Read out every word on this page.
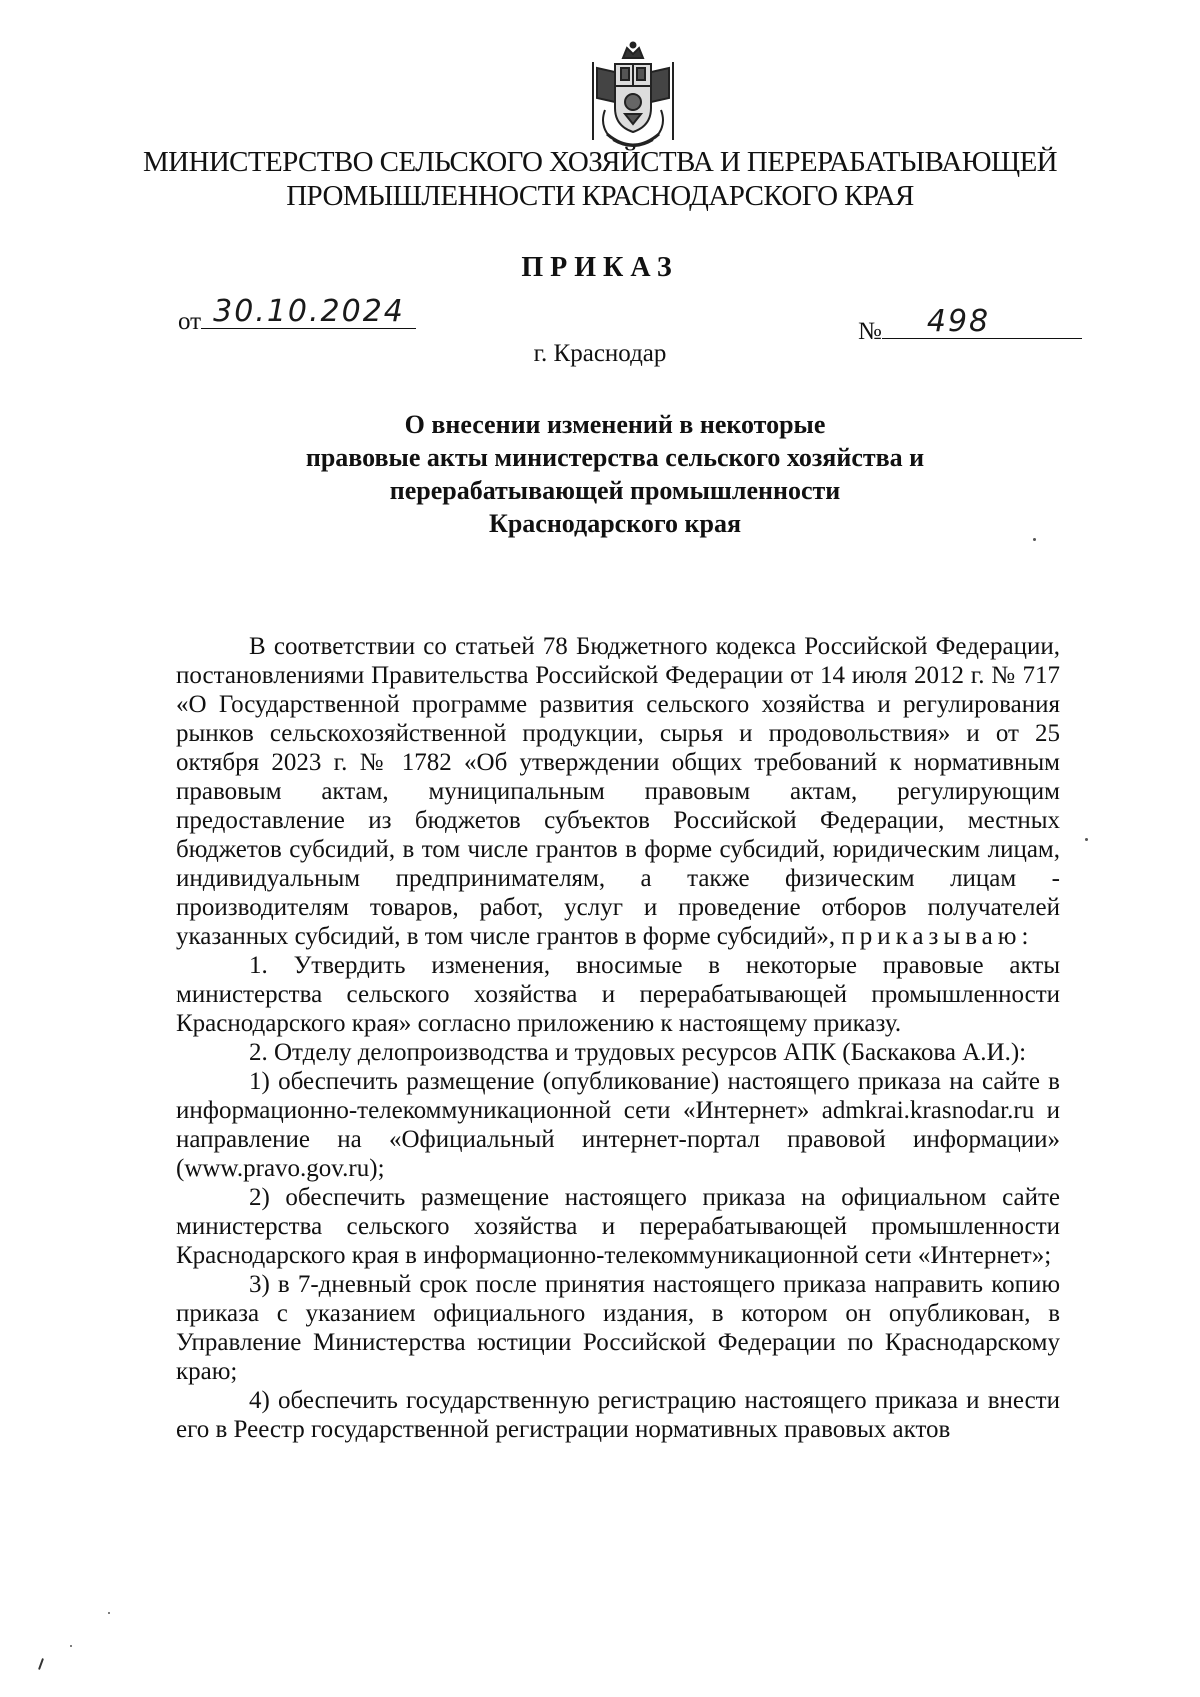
МИНИСТЕРСТВО СЕЛЬСКОГО ХОЗЯЙСТВА И ПЕРЕРАБАТЫВАЮЩЕЙ
ПРОМЫШЛЕННОСТИ КРАСНОДАРСКОГО КРАЯ
ПРИКАЗ
от 30.10.2024
№ 498
г. Краснодар
О внесении изменений в некоторые
правовые акты министерства сельского хозяйства и
перерабатывающей промышленности
Краснодарского края

В соответствии со статьей 78 Бюджетного кодекса Российской Федерации, постановлениями Правительства Российской Федерации от 14 июля 2012 г. № 717 «О Государственной программе развития сельского хозяйства и регулирования рынков сельскохозяйственной продукции, сырья и продовольствия» и от 25 октября 2023 г. № 1782 «Об утверждении общих требований к нормативным правовым актам, муниципальным правовым актам, регулирующим предоставление из бюджетов субъектов Российской Федерации, местных бюджетов субсидий, в том числе грантов в форме субсидий, юридическим лицам, индивидуальным предпринимателям, а также физическим лицам - производителям товаров, работ, услуг и проведение отборов получателей указанных субсидий, в том числе грантов в форме субсидий», приказываю:

1. Утвердить изменения, вносимые в некоторые правовые акты министерства сельского хозяйства и перерабатывающей промышленности Краснодарского края» согласно приложению к настоящему приказу.

2. Отделу делопроизводства и трудовых ресурсов АПК (Баскакова А.И.):

1) обеспечить размещение (опубликование) настоящего приказа на сайте в информационно-телекоммуникационной сети «Интернет» admkrai.krasnodar.ru и направление на «Официальный интернет-портал правовой информации» (www.pravo.gov.ru);

2) обеспечить размещение настоящего приказа на официальном сайте министерства сельского хозяйства и перерабатывающей промышленности Краснодарского края в информационно-телекоммуникационной сети «Интернет»;

3) в 7-дневный срок после принятия настоящего приказа направить копию приказа с указанием официального издания, в котором он опубликован, в Управление Министерства юстиции Российской Федерации по Краснодарскому краю;

4) обеспечить государственную регистрацию настоящего приказа и внести его в Реестр государственной регистрации нормативных правовых актов
